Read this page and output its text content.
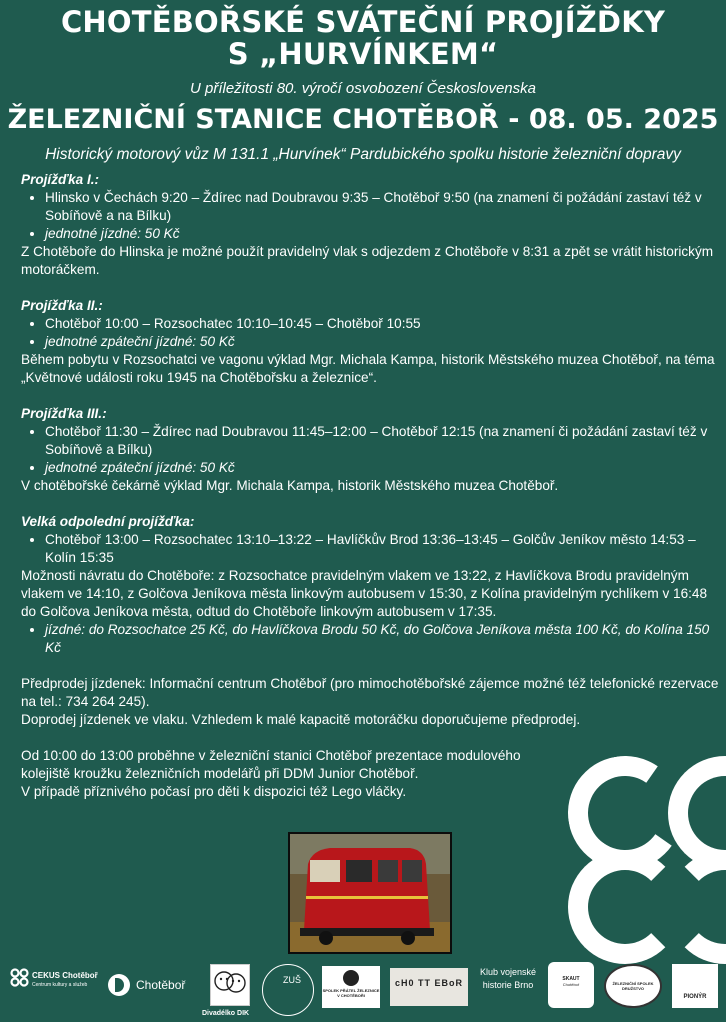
CHOTĚBOŘSKÉ SVÁTEČNÍ PROJÍŽĎKY
S „HURVÍNKEM“
U příležitosti 80. výročí osvobození Československa
ŽELEZNIČNÍ STANICE CHOTĚBOŘ - 08. 05. 2025
Historický motorový vůz M 131.1 „Hurvínek“ Pardubického spolku historie železniční dopravy

Projížďka I.:

• Hlinsko v Čechách 9:20 – Ždírec nad Doubravou 9:35 – Chotěboř 9:50 (na znamení či požádání zastaví též v Sobíňově a na Bílku)
• jednotné jízdné: 50 Kč

Z Chotěboře do Hlinska je možné použít pravidelný vlak s odjezdem z Chotěboře v 8:31 a zpět se vrátit historickým motoráčkem.

Projížďka II.:

• Chotěboř 10:00 – Rozsochatec 10:10–10:45 – Chotěboř 10:55
• jednotné zpáteční jízdné: 50 Kč

Během pobytu v Rozsochatci ve vagonu výklad Mgr. Michala Kampa, historik Městského muzea Chotěboř, na téma „Květnové události roku 1945 na Chotěbořsku a železnice“.

Projížďka III.:

• Chotěboř 11:30 – Ždírec nad Doubravou 11:45–12:00 – Chotěboř 12:15 (na znamení či požádání zastaví též v Sobíňově a Bílku)
• jednotné zpáteční jízdné: 50 Kč

V chotěbořské čekárně výklad Mgr. Michala Kampa, historik Městského muzea Chotěboř.

Velká odpolední projížďka:

• Chotěboř 13:00 – Rozsochatec 13:10–13:22 – Havlíčkův Brod 13:36–13:45 – Golčův Jeníkov město 14:53 – Kolín 15:35

Možnosti návratu do Chotěboře: z Rozsochatce pravidelným vlakem ve 13:22, z Havlíčkova Brodu pravidelným vlakem ve 14:10, z Golčova Jeníkova města linkovým autobusem v 15:30, z Kolína pravidelným rychlíkem v 16:48 do Golčova Jeníkova města, odtud do Chotěboře linkovým autobusem v 17:35.

• jízdné: do Rozsochatce 25 Kč, do Havlíčkova Brodu 50 Kč, do Golčova Jeníkova města 100 Kč, do Kolína 150 Kč

Předprodej jízdenek: Informační centrum Chotěboř (pro mimochotěbořské zájemce možné též telefonické rezervace na tel.: 734 264 245).

Doprodej jízdenek ve vlaku. Vzhledem k malé kapacitě motoráčku doporučujeme předprodej.

Od 10:00 do 13:00 proběhne v železniční stanici Chotěboř prezentace modulového kolejiště kroužku železničních modelářů při DDM Junior Chotěboř.

V případě příznivého počasí pro děti k dispozici též Lego vláčky.

CEKUS Chotěboř
Centrum kultury a služeb	Chotěboř
Divadélko DIK
ZUŠ
SPOLEK PŘÁTEL ŽELEZNICE V CHOTĚBOŘI
cH0 TT EBoR
Klub vojenské historie Brno
SKAUT
Chotěboř	ŽELEZNIČNÍ SPOLEK DRUŽSTVO
PIONÝR
